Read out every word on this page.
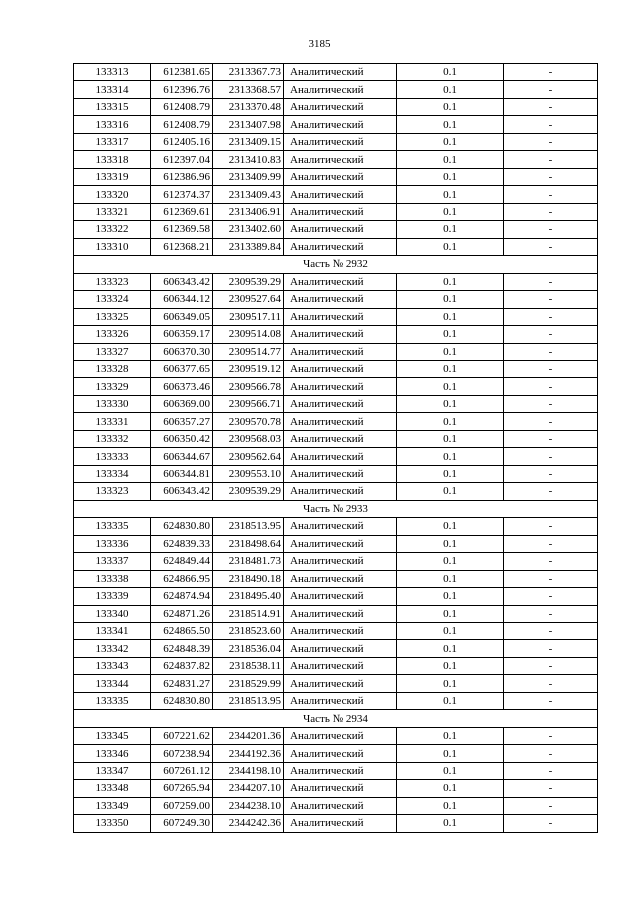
3185
133313	612381.65	2313367.73	Аналитический	0.1	-
133314	612396.76	2313368.57	Аналитический	0.1	-
133315	612408.79	2313370.48	Аналитический	0.1	-
133316	612408.79	2313407.98	Аналитический	0.1	-
133317	612405.16	2313409.15	Аналитический	0.1	-
133318	612397.04	2313410.83	Аналитический	0.1	-
133319	612386.96	2313409.99	Аналитический	0.1	-
133320	612374.37	2313409.43	Аналитический	0.1	-
133321	612369.61	2313406.91	Аналитический	0.1	-
133322	612369.58	2313402.60	Аналитический	0.1	-
133310	612368.21	2313389.84	Аналитический	0.1	-
Часть № 2932					
133323	606343.42	2309539.29	Аналитический	0.1	-
133324	606344.12	2309527.64	Аналитический	0.1	-
133325	606349.05	2309517.11	Аналитический	0.1	-
133326	606359.17	2309514.08	Аналитический	0.1	-
133327	606370.30	2309514.77	Аналитический	0.1	-
133328	606377.65	2309519.12	Аналитический	0.1	-
133329	606373.46	2309566.78	Аналитический	0.1	-
133330	606369.00	2309566.71	Аналитический	0.1	-
133331	606357.27	2309570.78	Аналитический	0.1	-
133332	606350.42	2309568.03	Аналитический	0.1	-
133333	606344.67	2309562.64	Аналитический	0.1	-
133334	606344.81	2309553.10	Аналитический	0.1	-
133323	606343.42	2309539.29	Аналитический	0.1	-
Часть № 2933					
133335	624830.80	2318513.95	Аналитический	0.1	-
133336	624839.33	2318498.64	Аналитический	0.1	-
133337	624849.44	2318481.73	Аналитический	0.1	-
133338	624866.95	2318490.18	Аналитический	0.1	-
133339	624874.94	2318495.40	Аналитический	0.1	-
133340	624871.26	2318514.91	Аналитический	0.1	-
133341	624865.50	2318523.60	Аналитический	0.1	-
133342	624848.39	2318536.04	Аналитический	0.1	-
133343	624837.82	2318538.11	Аналитический	0.1	-
133344	624831.27	2318529.99	Аналитический	0.1	-
133335	624830.80	2318513.95	Аналитический	0.1	-
Часть № 2934					
133345	607221.62	2344201.36	Аналитический	0.1	-
133346	607238.94	2344192.36	Аналитический	0.1	-
133347	607261.12	2344198.10	Аналитический	0.1	-
133348	607265.94	2344207.10	Аналитический	0.1	-
133349	607259.00	2344238.10	Аналитический	0.1	-
133350	607249.30	2344242.36	Аналитический	0.1	-
